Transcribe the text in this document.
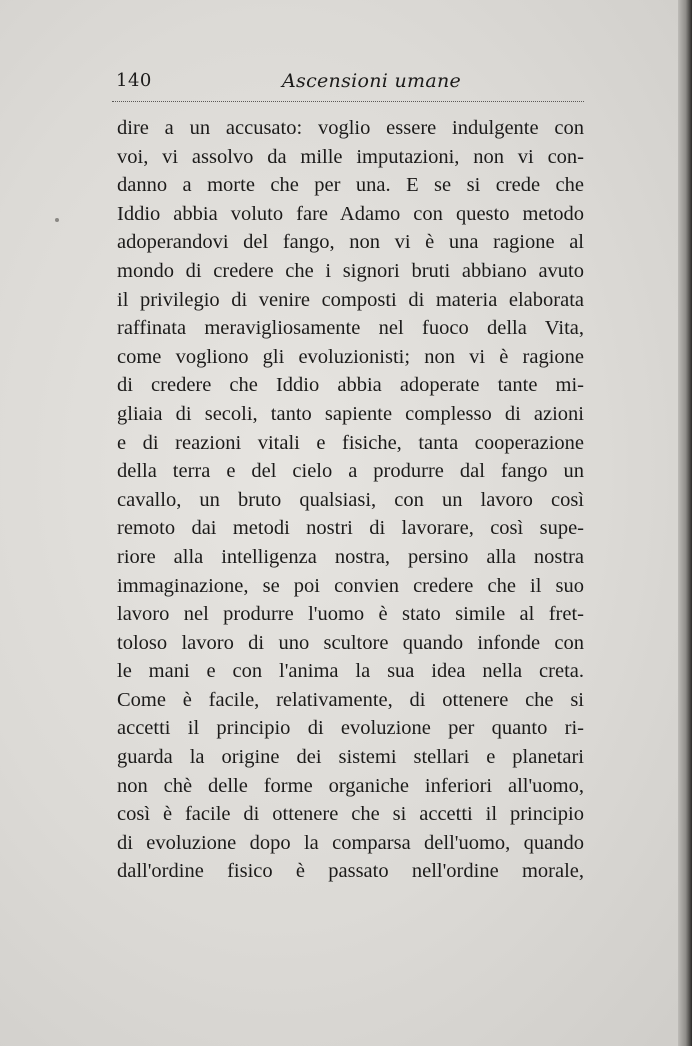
140	Ascensioni umane
dire a un accusato: voglio essere indulgente con
voi, vi assolvo da mille imputazioni, non vi con-
danno a morte che per una. E se si crede che
Iddio abbia voluto fare Adamo con questo metodo
adoperandovi del fango, non vi è una ragione al
mondo di credere che i signori bruti abbiano avuto
il privilegio di venire composti di materia elaborata
raffinata meravigliosamente nel fuoco della Vita,
come vogliono gli evoluzionisti; non vi è ragione
di credere che Iddio abbia adoperate tante mi-
gliaia di secoli, tanto sapiente complesso di azioni
e di reazioni vitali e fisiche, tanta cooperazione
della terra e del cielo a produrre dal fango un
cavallo, un bruto qualsiasi, con un lavoro così
remoto dai metodi nostri di lavorare, così supe-
riore alla intelligenza nostra, persino alla nostra
immaginazione, se poi convien credere che il suo
lavoro nel produrre l'uomo è stato simile al fret-
toloso lavoro di uno scultore quando infonde con
le mani e con l'anima la sua idea nella creta.
Come è facile, relativamente, di ottenere che si
accetti il principio di evoluzione per quanto ri-
guarda la origine dei sistemi stellari e planetari
non chè delle forme organiche inferiori all'uomo,
così è facile di ottenere che si accetti il principio
di evoluzione dopo la comparsa dell'uomo, quando
dall'ordine fisico è passato nell'ordine morale,
